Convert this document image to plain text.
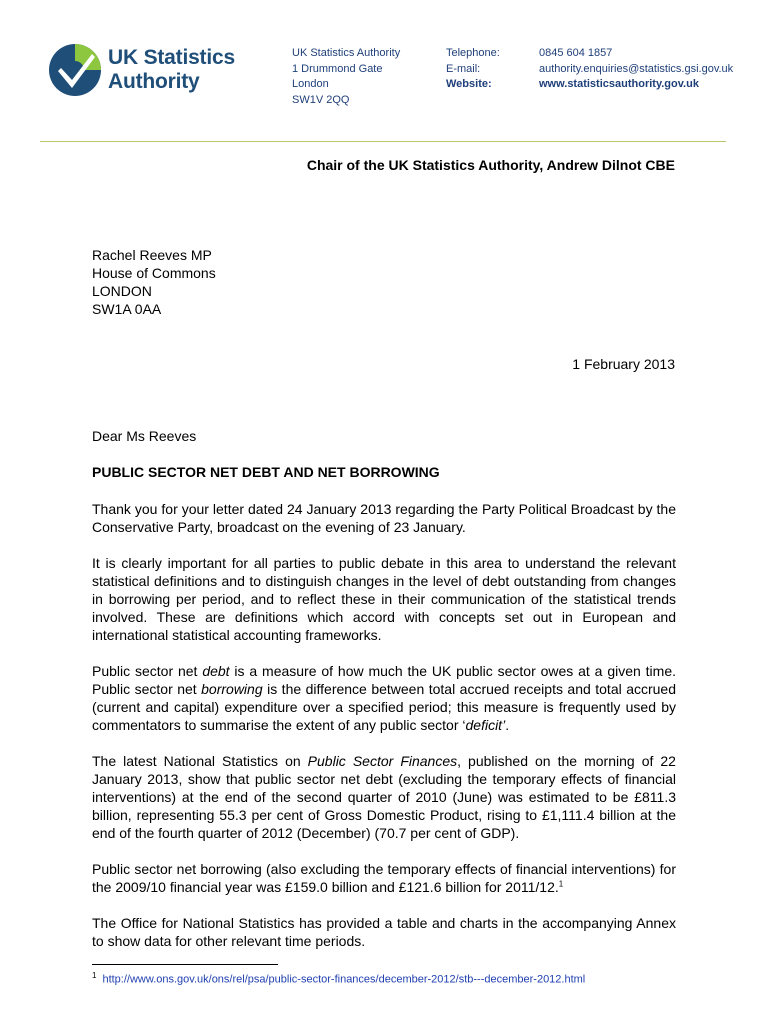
UK Statistics
Authority
UK Statistics Authority
1 Drummond Gate
London
SW1V 2QQ
Telephone:
E-mail:
Website:
0845 604 1857
authority.enquiries@statistics.gsi.gov.uk
www.statisticsauthority.gov.uk
Chair of the UK Statistics Authority, Andrew Dilnot CBE
Rachel Reeves MP
House of Commons
LONDON
SW1A 0AA
1 February 2013
Dear Ms Reeves
PUBLIC SECTOR NET DEBT AND NET BORROWING

Thank you for your letter dated 24 January 2013 regarding the Party Political Broadcast by the Conservative Party, broadcast on the evening of 23 January.

It is clearly important for all parties to public debate in this area to understand the relevant statistical definitions and to distinguish changes in the level of debt outstanding from changes in borrowing per period, and to reflect these in their communication of the statistical trends involved. These are definitions which accord with concepts set out in European and international statistical accounting frameworks.

Public sector net debt is a measure of how much the UK public sector owes at a given time. Public sector net borrowing is the difference between total accrued receipts and total accrued (current and capital) expenditure over a specified period; this measure is frequently used by commentators to summarise the extent of any public sector ‘deficit’.

The latest National Statistics on Public Sector Finances, published on the morning of 22 January 2013, show that public sector net debt (excluding the temporary effects of financial interventions) at the end of the second quarter of 2010 (June) was estimated to be £811.3 billion, representing 55.3 per cent of Gross Domestic Product, rising to £1,111.4 billion at the end of the fourth quarter of 2012 (December) (70.7 per cent of GDP).

Public sector net borrowing (also excluding the temporary effects of financial interventions) for the 2009/10 financial year was £159.0 billion and £121.6 billion for 2011/12.$^1$

The Office for National Statistics has provided a table and charts in the accompanying Annex to show data for other relevant time periods.

$^1$ http://www.ons.gov.uk/ons/rel/psa/public-sector-finances/december-2012/stb---december-2012.html
